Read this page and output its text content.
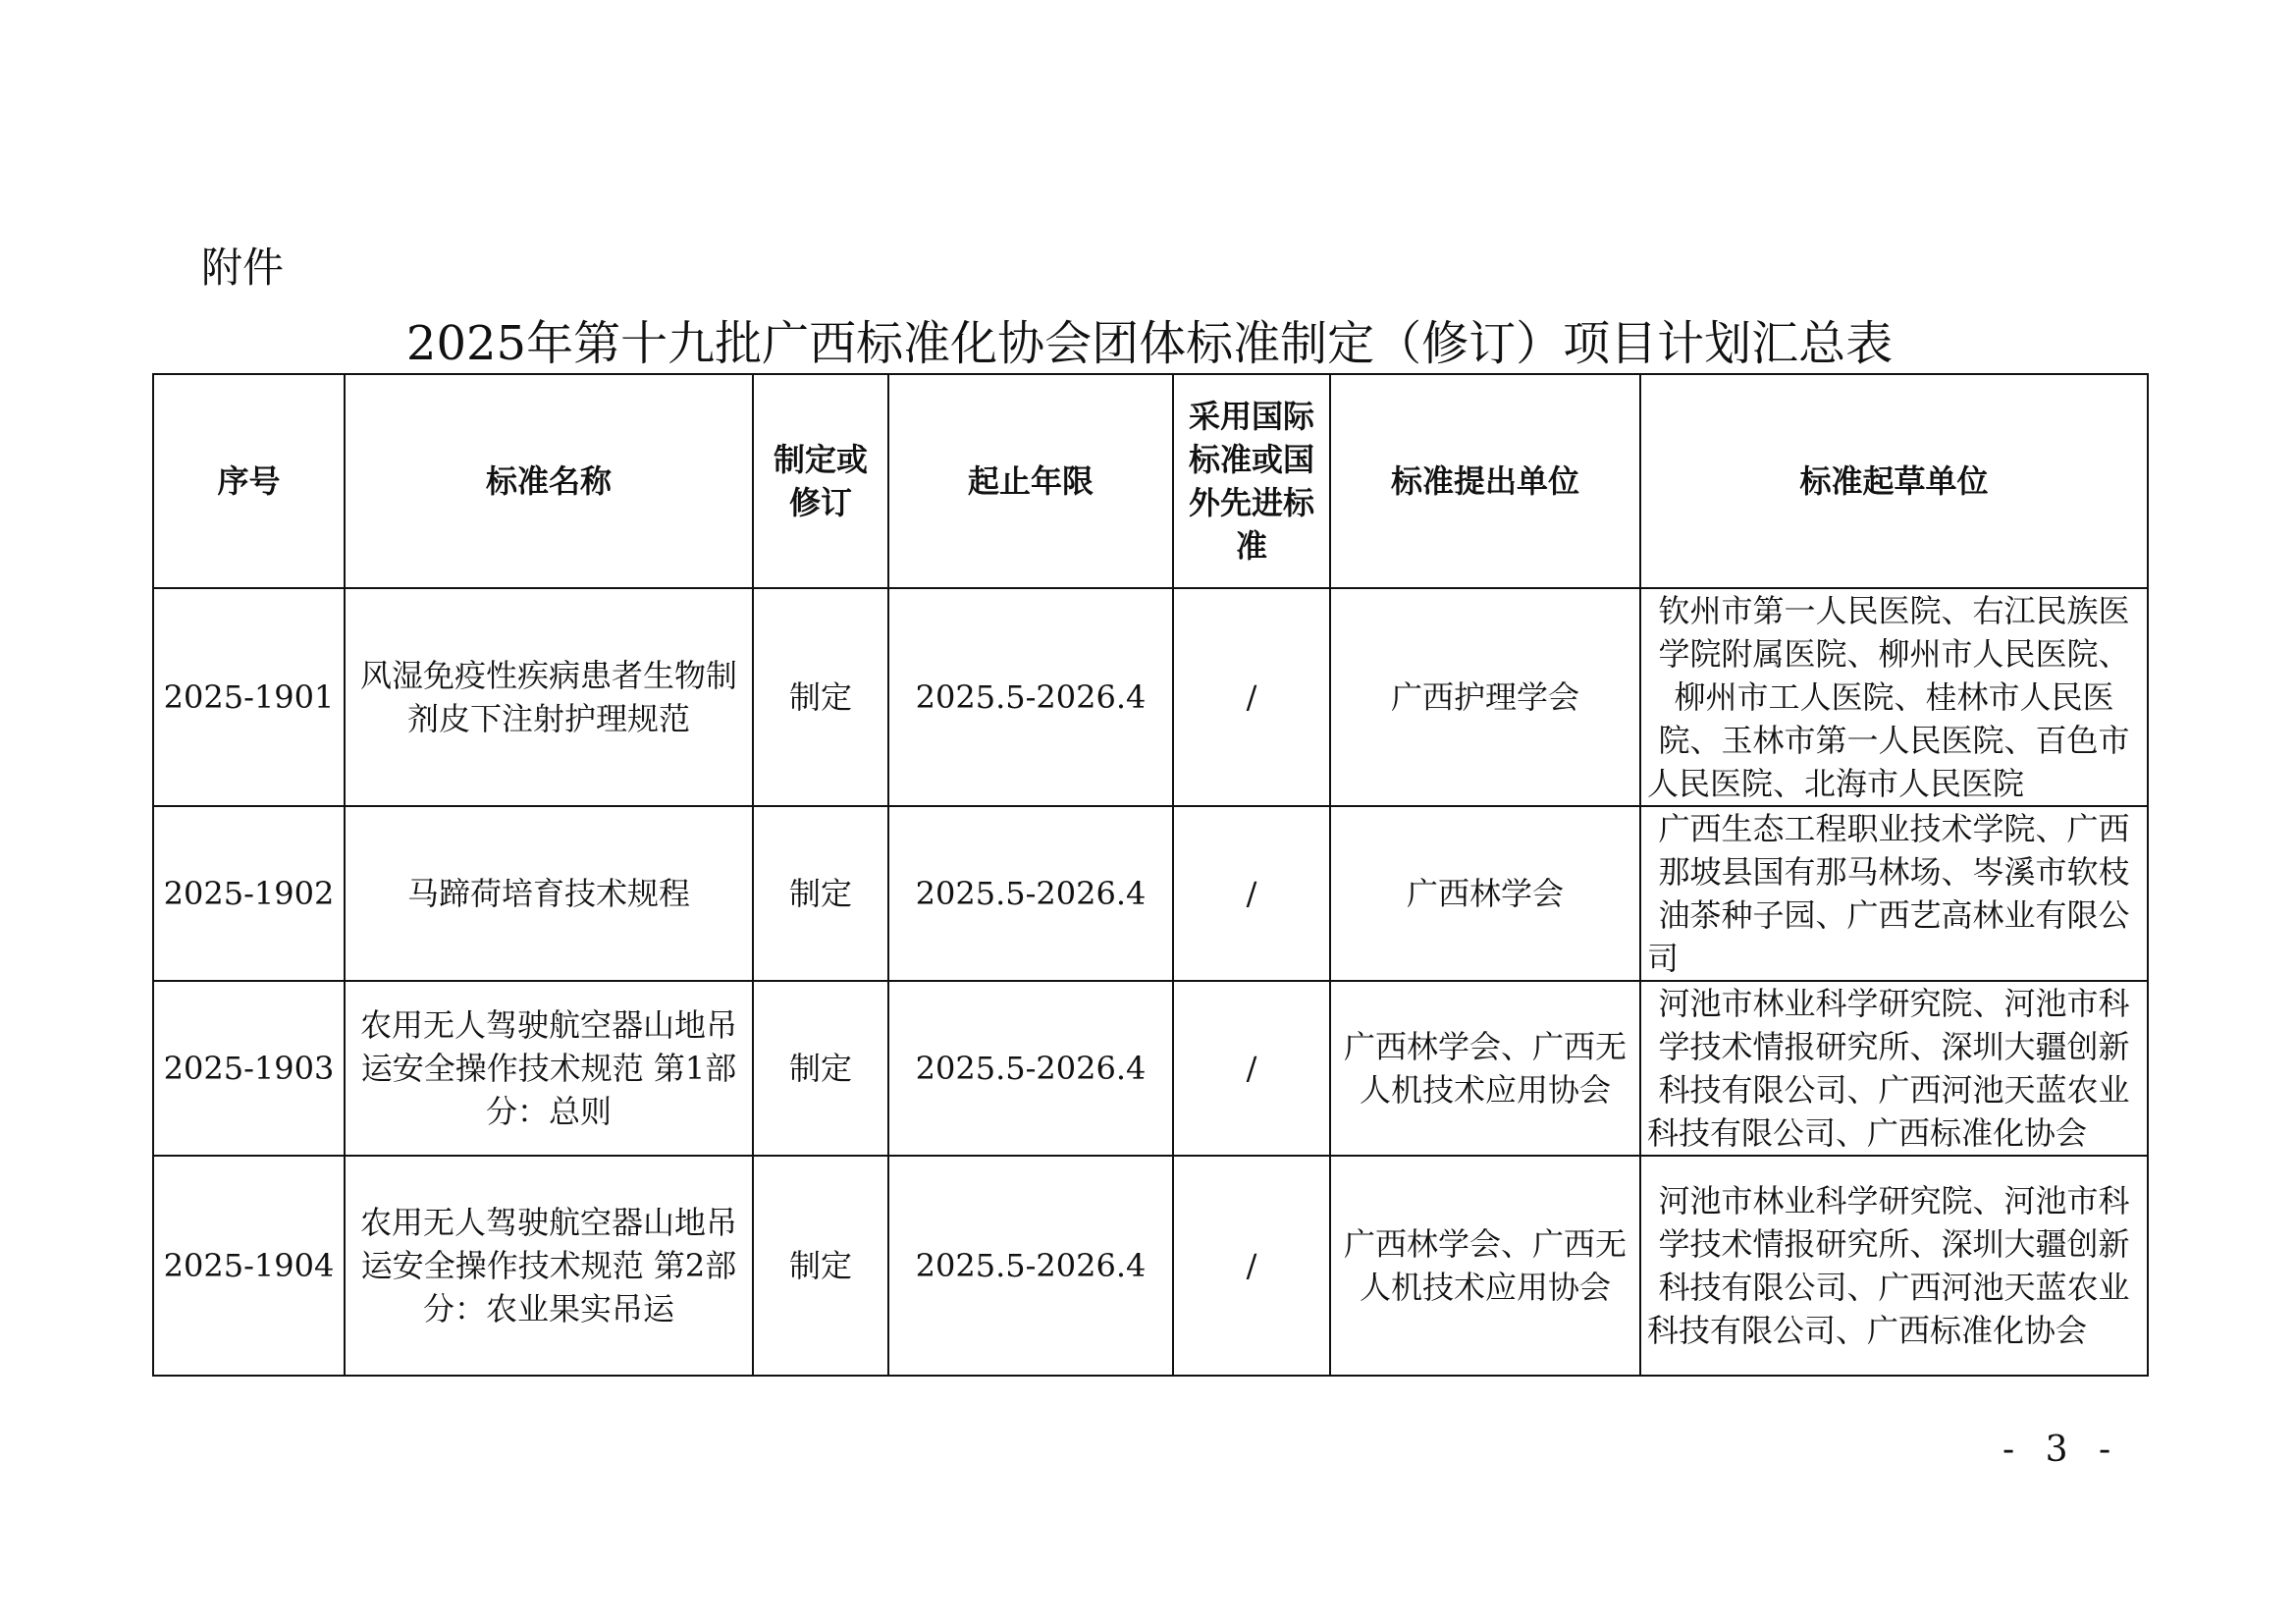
附件
2025年第十九批广西标准化协会团体标准制定（修订）项目计划汇总表
序号	标准名称	制定或修订	起止年限	采用国际标准或国外先进标准	标准提出单位	标准起草单位
2025-1901	风湿免疫性疾病患者生物制剂皮下注射护理规范	制定	2025.5-2026.4	/	广西护理学会	钦州市第一人民医院、右江民族医学院附属医院、柳州市人民医院、柳州市工人医院、桂林市人民医院、玉林市第一人民医院、百色市人民医院、北海市人民医院
2025-1902	马蹄荷培育技术规程	制定	2025.5-2026.4	/	广西林学会	广西生态工程职业技术学院、广西那坡县国有那马林场、岑溪市软枝油茶种子园、广西艺高林业有限公司
2025-1903	农用无人驾驶航空器山地吊运安全操作技术规范 第1部分：总则	制定	2025.5-2026.4	/	广西林学会、广西无人机技术应用协会	河池市林业科学研究院、河池市科学技术情报研究所、深圳大疆创新科技有限公司、广西河池天蓝农业科技有限公司、广西标准化协会
2025-1904	农用无人驾驶航空器山地吊运安全操作技术规范 第2部分：农业果实吊运	制定	2025.5-2026.4	/	广西林学会、广西无人机技术应用协会	河池市林业科学研究院、河池市科学技术情报研究所、深圳大疆创新科技有限公司、广西河池天蓝农业科技有限公司、广西标准化协会
- 3 -
